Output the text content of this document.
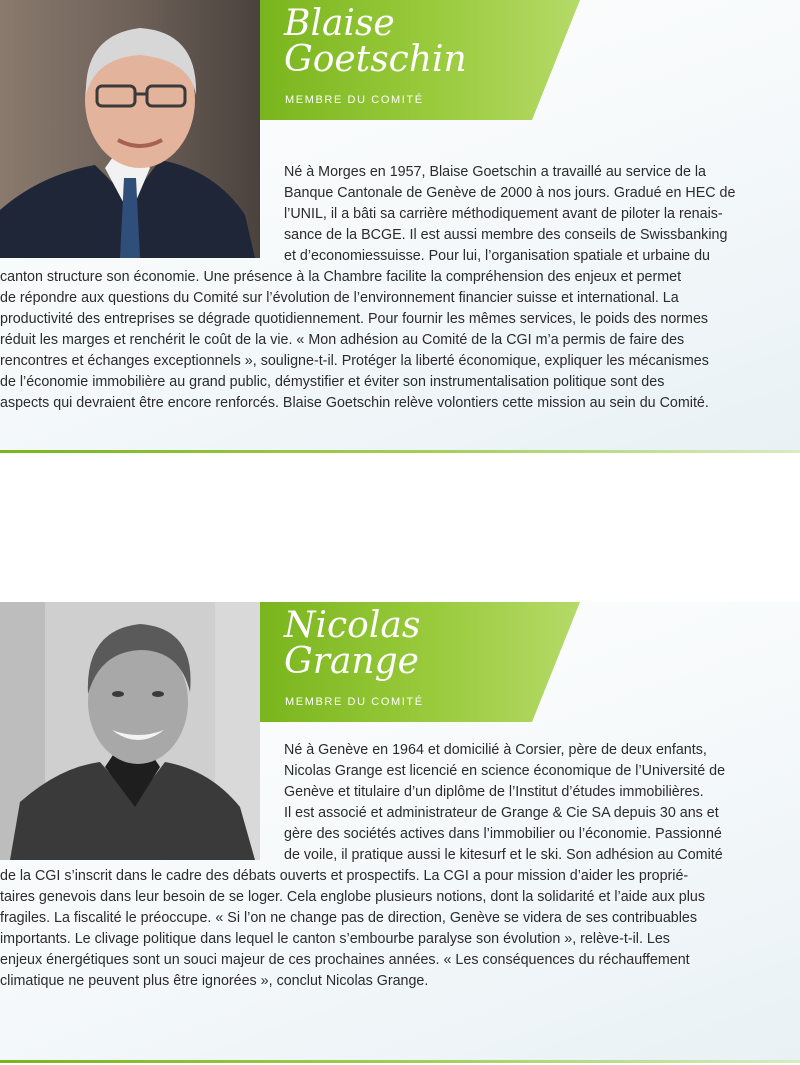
Blaise
Goetschin
MEMBRE DU COMITÉ

Né à Morges en 1957, Blaise Goetschin a travaillé au service de la
Banque Cantonale de Genève de 2000 à nos jours. Gradué en HEC de
l’UNIL, il a bâti sa carrière méthodiquement avant de piloter la renais-
sance de la BCGE. Il est aussi membre des conseils de Swissbanking
et d’economiessuisse. Pour lui, l’organisation spatiale et urbaine du
canton structure son économie. Une présence à la Chambre facilite la compréhension des enjeux et permet
de répondre aux questions du Comité sur l’évolution de l’environnement financier suisse et international. La
productivité des entreprises se dégrade quotidiennement. Pour fournir les mêmes services, le poids des normes
réduit les marges et renchérit le coût de la vie. « Mon adhésion au Comité de la CGI m’a permis de faire des
rencontres et échanges exceptionnels », souligne-t-il. Protéger la liberté économique, expliquer les mécanismes
de l’économie immobilière au grand public, démystifier et éviter son instrumentalisation politique sont des
aspects qui devraient être encore renforcés. Blaise Goetschin relève volontiers cette mission au sein du Comité.

Nicolas
Grange
MEMBRE DU COMITÉ

Né à Genève en 1964 et domicilié à Corsier, père de deux enfants,
Nicolas Grange est licencié en science économique de l’Université de
Genève et titulaire d’un diplôme de l’Institut d’études immobilières.
Il est associé et administrateur de Grange & Cie SA depuis 30 ans et
gère des sociétés actives dans l’immobilier ou l’économie. Passionné
de voile, il pratique aussi le kitesurf et le ski. Son adhésion au Comité
de la CGI s’inscrit dans le cadre des débats ouverts et prospectifs. La CGI a pour mission d’aider les proprié-
taires genevois dans leur besoin de se loger. Cela englobe plusieurs notions, dont la solidarité et l’aide aux plus
fragiles. La fiscalité le préoccupe. « Si l’on ne change pas de direction, Genève se videra de ses contribuables
importants. Le clivage politique dans lequel le canton s’embourbe paralyse son évolution », relève-t-il. Les
enjeux énergétiques sont un souci majeur de ces prochaines années. « Les conséquences du réchauffement
climatique ne peuvent plus être ignorées », conclut Nicolas Grange.
